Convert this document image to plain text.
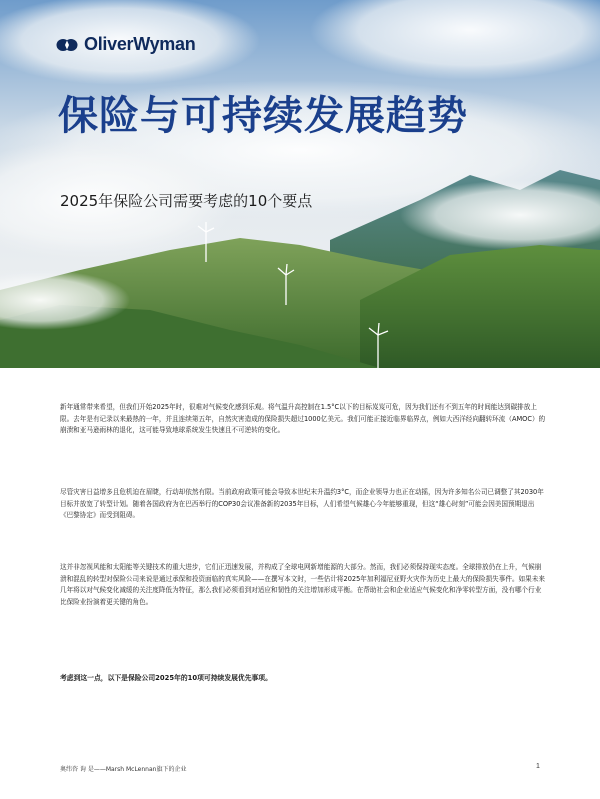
OliverWyman
保险与可持续发展趋势
2025年保险公司需要考虑的10个要点

新年通常带来希望，但我们开始2025年时，很难对气候变化感到乐观。将气温升高控制在1.5°C以下的目标岌岌可危，因为我们还有不到五年的时间能达到碳排放上限。去年是有记录以来最热的一年，并且连续第五年，自然灾害造成的保险损失超过1000亿美元。我们可能正接近临界临界点，例如大西洋经向翻转环流（AMOC）的崩溃和亚马逊雨林的退化，这可能导致地球系统发生快速且不可逆转的变化。

尽管灾害日益增多且危机迫在眉睫，行动却依然有限。当前政府政策可能会导致本世纪末升温约3°C，而企业领导力也正在动摇，因为许多知名公司已调整了其2030年目标并放宽了转型计划。随着各国政府为在巴西举行的COP30会议准备新的2035年目标，人们希望气候雄心今年能够重现，但这“雄心时刻”可能会因美国预期退出《巴黎协定》而受到阻碍。

这并非忽视风能和太阳能等关键技术的重大进步，它们正迅速发展，并构成了全球电网新增能源的大部分。然而，我们必须保持现实态度。全球排放仍在上升，气候崩溃和混乱的转型对保险公司来说是通过承保和投资面临的真实风险——在撰写本文时，一些估计将2025年加利福尼亚野火灾作为历史上最大的保险损失事件。如果未来几年将以对气候变化减缓的关注度降低为特征，那么我们必须看到对适应和韧性的关注增加形成平衡。在帮助社会和企业适应气候变化和净零转型方面，没有哪个行业比保险业扮演着更关键的角色。

考虑到这一点，以下是保险公司2025年的10项可持续发展优先事项。

奥纬咨 询 是——Marsh McLennan旗下的企业	1
